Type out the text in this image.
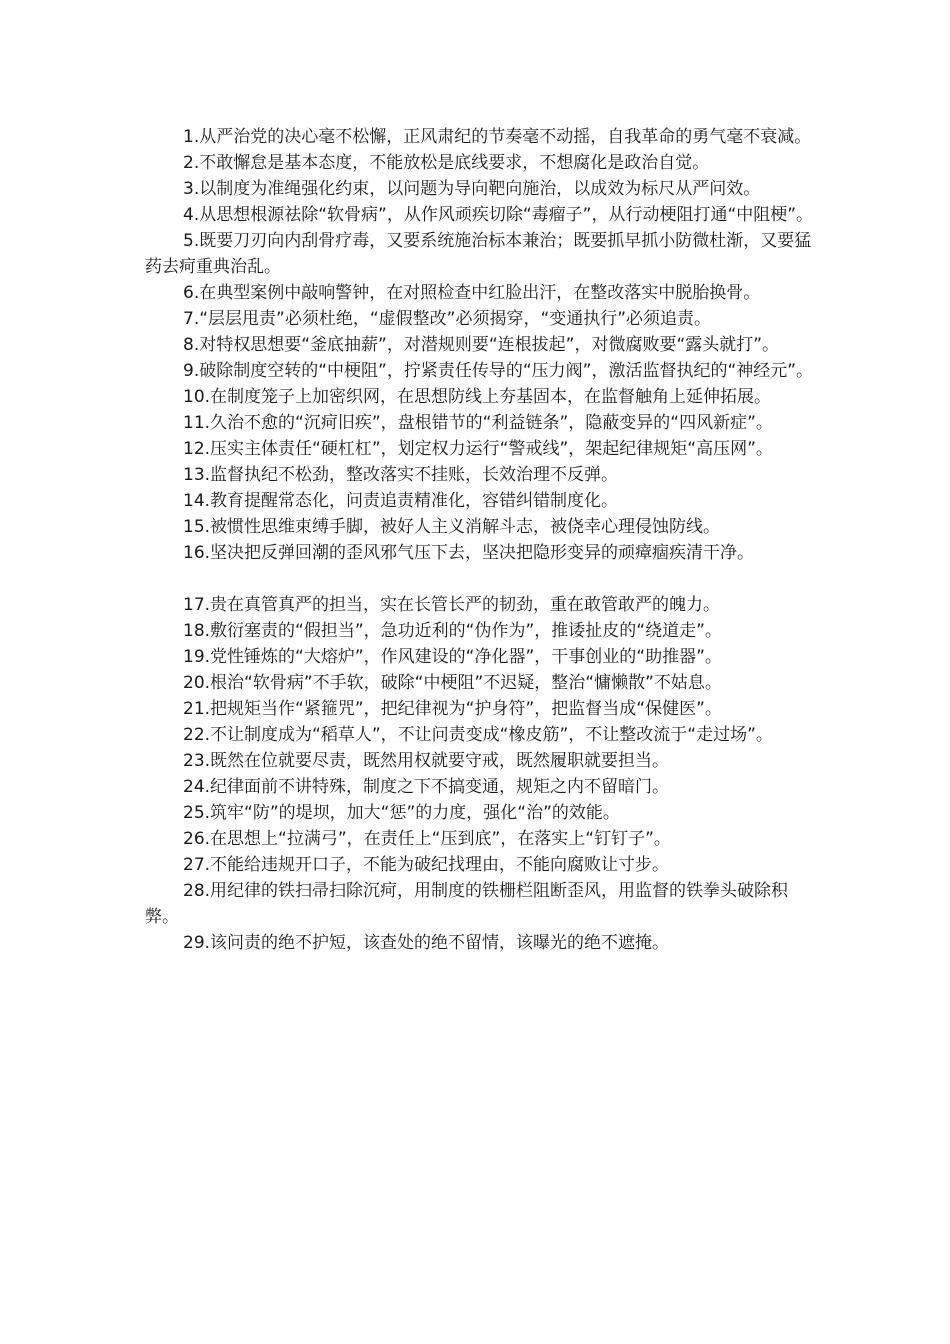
1.从严治党的决心毫不松懈，正风肃纪的节奏毫不动摇，自我革命的勇气毫不衰减。

2.不敢懈怠是基本态度，不能放松是底线要求，不想腐化是政治自觉。

3.以制度为准绳强化约束，以问题为导向靶向施治，以成效为标尺从严问效。

4.从思想根源祛除“软骨病”，从作风顽疾切除“毒瘤子”，从行动梗阻打通“中阻梗”。

5.既要刀刃向内刮骨疗毒，又要系统施治标本兼治；既要抓早抓小防微杜渐，又要猛药去疴重典治乱。

6.在典型案例中敲响警钟，在对照检查中红脸出汗，在整改落实中脱胎换骨。

7.“层层甩责”必须杜绝，“虚假整改”必须揭穿，“变通执行”必须追责。

8.对特权思想要“釜底抽薪”，对潜规则要“连根拔起”，对微腐败要“露头就打”。

9.破除制度空转的“中梗阻”，拧紧责任传导的“压力阀”，激活监督执纪的“神经元”。

10.在制度笼子上加密织网，在思想防线上夯基固本，在监督触角上延伸拓展。

11.久治不愈的“沉疴旧疾”，盘根错节的“利益链条”，隐蔽变异的“四风新症”。

12.压实主体责任“硬杠杠”，划定权力运行“警戒线”，架起纪律规矩“高压网”。

13.监督执纪不松劲，整改落实不挂账，长效治理不反弹。

14.教育提醒常态化，问责追责精准化，容错纠错制度化。

15.被惯性思维束缚手脚，被好人主义消解斗志，被侥幸心理侵蚀防线。

16.坚决把反弹回潮的歪风邪气压下去，坚决把隐形变异的顽瘴痼疾清干净。

17.贵在真管真严的担当，实在长管长严的韧劲，重在敢管敢严的魄力。

18.敷衍塞责的“假担当”，急功近利的“伪作为”，推诿扯皮的“绕道走”。

19.党性锤炼的“大熔炉”，作风建设的“净化器”，干事创业的“助推器”。

20.根治“软骨病”不手软，破除“中梗阻”不迟疑，整治“慵懒散”不姑息。

21.把规矩当作“紧箍咒”，把纪律视为“护身符”，把监督当成“保健医”。

22.不让制度成为“稻草人”，不让问责变成“橡皮筋”，不让整改流于“走过场”。

23.既然在位就要尽责，既然用权就要守戒，既然履职就要担当。

24.纪律面前不讲特殊，制度之下不搞变通，规矩之内不留暗门。

25.筑牢“防”的堤坝，加大“惩”的力度，强化“治”的效能。

26.在思想上“拉满弓”，在责任上“压到底”，在落实上“钉钉子”。

27.不能给违规开口子，不能为破纪找理由，不能向腐败让寸步。

28.用纪律的铁扫帚扫除沉疴，用制度的铁栅栏阻断歪风，用监督的铁拳头破除积弊。

29.该问责的绝不护短，该查处的绝不留情，该曝光的绝不遮掩。
